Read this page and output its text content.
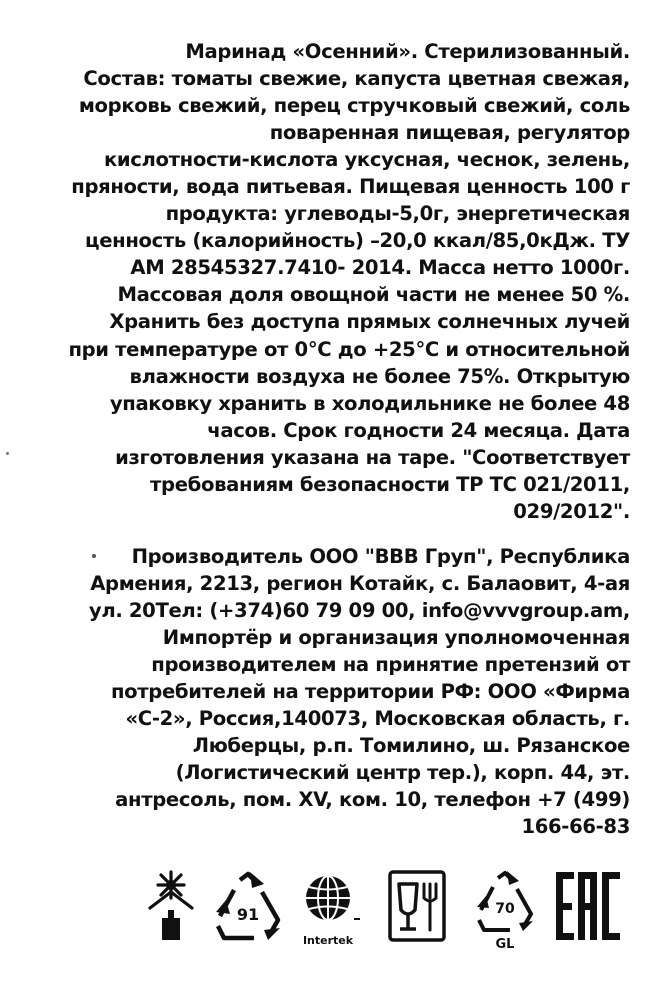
Маринад «Осенний». Стерилизованный.
Состав: томаты свежие, капуста цветная свежая,
морковь свежий, перец стручковый свежий, соль
поваренная пищевая, регулятор
кислотности-кислота уксусная, чеснок, зелень,
пряности, вода питьевая. Пищевая ценность 100 г
продукта: углеводы-5,0г, энергетическая
ценность (калорийность) –20,0 ккал/85,0кДж. ТУ
AM 28545327.7410- 2014. Масса нетто 1000г.
Массовая доля овощной части не менее 50 %.
Хранить без доступа прямых солнечных лучей
при температуре от 0°С до +25°С и относительной
влажности воздуха не более 75%. Открытую
упаковку хранить в холодильнике не более 48
часов. Срок годности 24 месяца. Дата
изготовления указана на таре. "Соответствует
требованиям безопасности ТР ТС 021/2011,
029/2012".
Производитель ООО "ВВВ Груп", Республика
Армения, 2213, регион Котайк, с. Балаовит, 4-ая
ул. 20Тел: (+374)60 79 09 00, info@vvvgroup.am,
Импортёр и организация уполномоченная
производителем на принятие претензий от
потребителей на территории РФ: ООО «Фирма
«С-2», Россия,140073, Московская область, г.
Люберцы, р.п. Томилино, ш. Рязанское
(Логистический центр тер.), корп. 44, эт.
антресоль, пом. XV, ком. 10, телефон +7 (499)
166-66-83
91
Intertek
70
GL
